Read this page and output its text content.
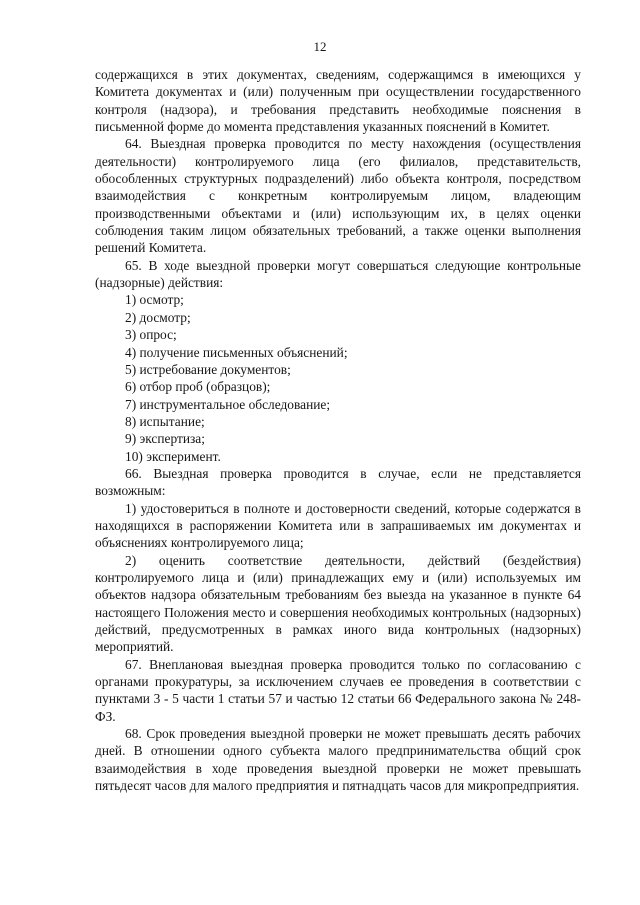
12

содержащихся в этих документах, сведениям, содержащимся в имеющихся у Комитета документах и (или) полученным при осуществлении государственного контроля (надзора), и требования представить необходимые пояснения в письменной форме до момента представления указанных пояснений в Комитет.

64. Выездная проверка проводится по месту нахождения (осуществления деятельности) контролируемого лица (его филиалов, представительств, обособленных структурных подразделений) либо объекта контроля, посредством взаимодействия с конкретным контролируемым лицом, владеющим производственными объектами и (или) использующим их, в целях оценки соблюдения таким лицом обязательных требований, а также оценки выполнения решений Комитета.

65. В ходе выездной проверки могут совершаться следующие контрольные (надзорные) действия:

1) осмотр;

2) досмотр;

3) опрос;

4) получение письменных объяснений;

5) истребование документов;

6) отбор проб (образцов);

7) инструментальное обследование;

8) испытание;

9) экспертиза;

10) эксперимент.

66. Выездная проверка проводится в случае, если не представляется возможным:

1) удостовериться в полноте и достоверности сведений, которые содержатся в находящихся в распоряжении Комитета или в запрашиваемых им документах и объяснениях контролируемого лица;

2) оценить соответствие деятельности, действий (бездействия) контролируемого лица и (или) принадлежащих ему и (или) используемых им объектов надзора обязательным требованиям без выезда на указанное в пункте 64 настоящего Положения место и совершения необходимых контрольных (надзорных) действий, предусмотренных в рамках иного вида контрольных (надзорных) мероприятий.

67. Внеплановая выездная проверка проводится только по согласованию с органами прокуратуры, за исключением случаев ее проведения в соответствии с пунктами 3 - 5 части 1 статьи 57 и частью 12 статьи 66 Федерального закона № 248-ФЗ.

68. Срок проведения выездной проверки не может превышать десять рабочих дней. В отношении одного субъекта малого предпринимательства общий срок взаимодействия в ходе проведения выездной проверки не может превышать пятьдесят часов для малого предприятия и пятнадцать часов для микропредприятия.
